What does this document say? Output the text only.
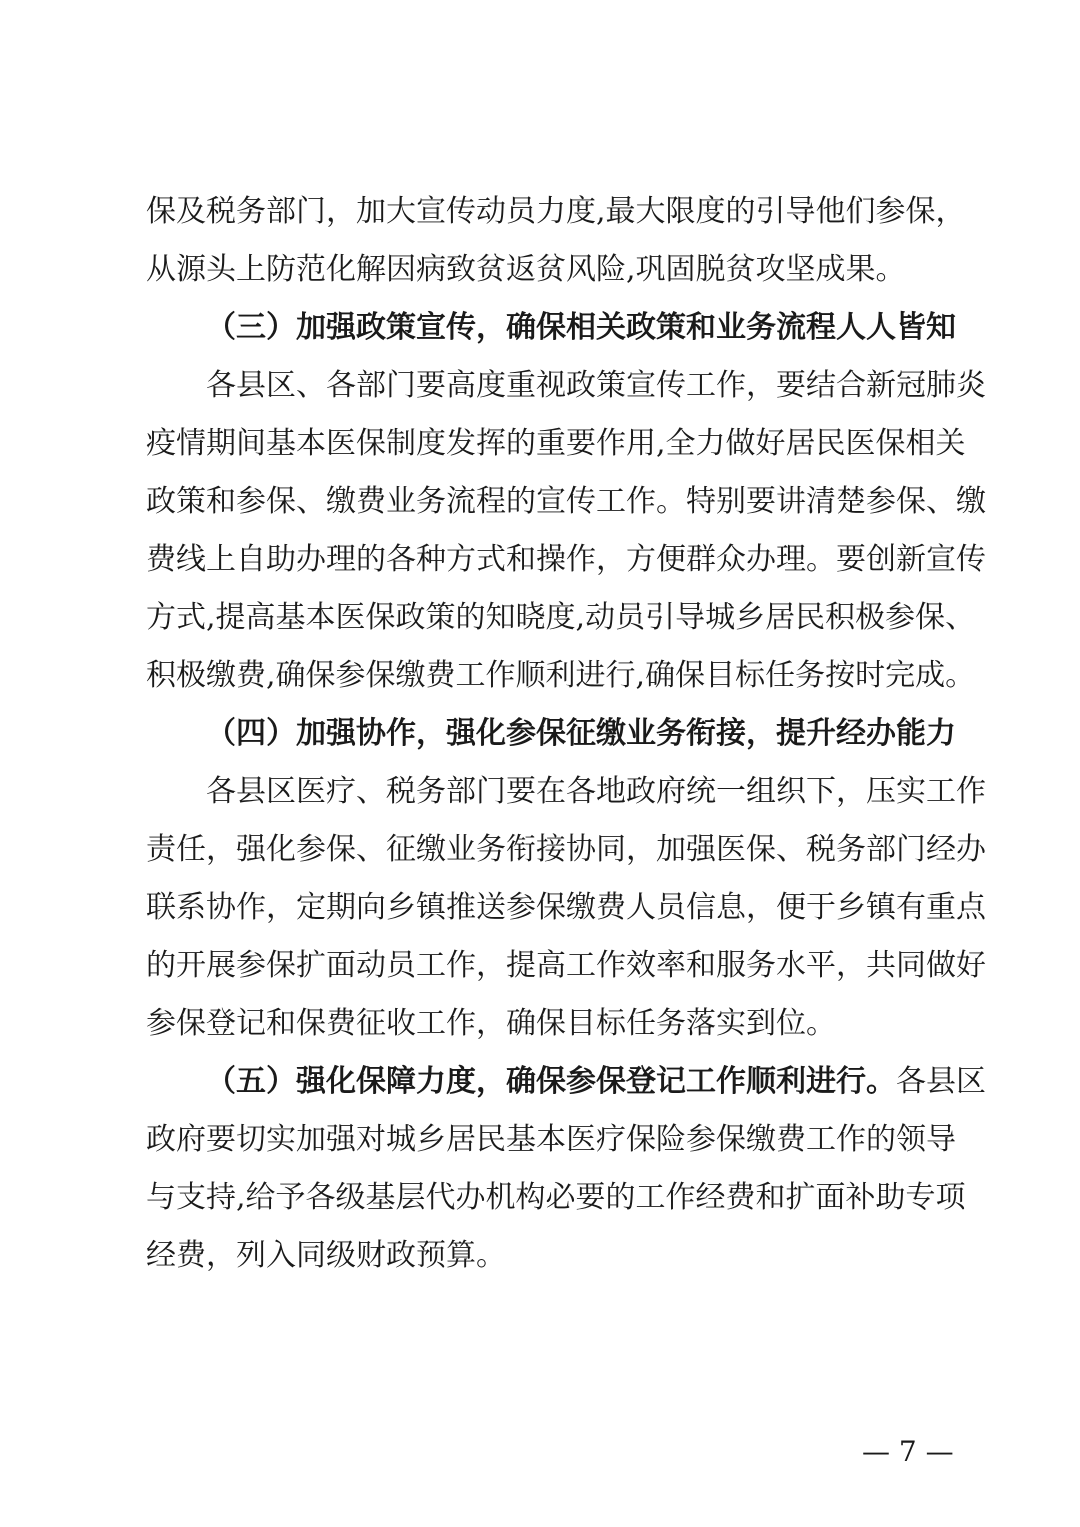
保及税务部门，加大宣传动员力度,最大限度的引导他们参保，
从源头上防范化解因病致贫返贫风险,巩固脱贫攻坚成果。
（三）加强政策宣传，确保相关政策和业务流程人人皆知
各县区、各部门要高度重视政策宣传工作，要结合新冠肺炎
疫情期间基本医保制度发挥的重要作用,全力做好居民医保相关
政策和参保、缴费业务流程的宣传工作。特别要讲清楚参保、缴
费线上自助办理的各种方式和操作，方便群众办理。要创新宣传
方式,提高基本医保政策的知晓度,动员引导城乡居民积极参保、
积极缴费,确保参保缴费工作顺利进行,确保目标任务按时完成。
（四）加强协作，强化参保征缴业务衔接，提升经办能力
各县区医疗、税务部门要在各地政府统一组织下，压实工作
责任，强化参保、征缴业务衔接协同，加强医保、税务部门经办
联系协作，定期向乡镇推送参保缴费人员信息，便于乡镇有重点
的开展参保扩面动员工作，提高工作效率和服务水平，共同做好
参保登记和保费征收工作，确保目标任务落实到位。
（五）强化保障力度，确保参保登记工作顺利进行。各县区
政府要切实加强对城乡居民基本医疗保险参保缴费工作的领导
与支持,给予各级基层代办机构必要的工作经费和扩面补助专项
经费，列入同级财政预算。
— 7 —
